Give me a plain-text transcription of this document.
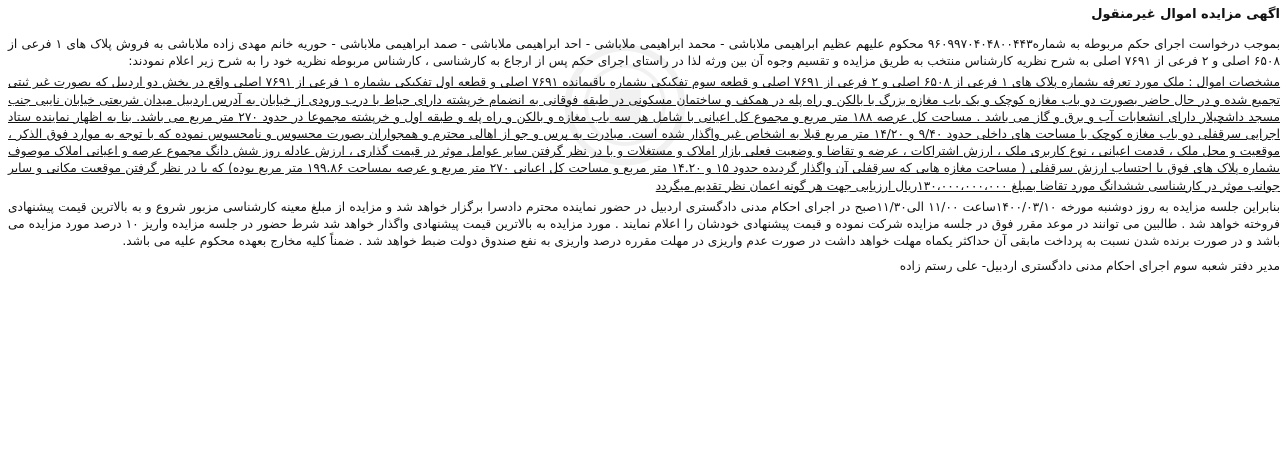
اگهی مزایده اموال غیرمنقول

بموجب درخواست اجرای حکم مربوطه به شماره۹۶۰۹۹۷۰۴۰۴۸۰۰۴۴۳ محکوم علیهم عظیم ابراهیمی ملاباشی - محمد ابراهیمی ملاباشی - احد ابراهیمی ملاباشی - صمد ابراهیمی ملاباشی - حوریه خانم مهدی زاده ملاباشی به فروش پلاک های ۱ فرعی از ۶۵۰۸ اصلی و ۲ فرعی از ۷۶۹۱ اصلی به شرح نظریه کارشناس منتخب به طریق مزایده و تقسیم وجوه آن بین ورثه لذا در راستای اجرای حکم پس از ارجاع به کارشناسی ، کارشناس مربوطه نظریه خود را به شرح زیر اعلام نمودند:

مشخصات اموال : ملک مورد تعرفه بشماره پلاک های ۱ فرعی از ۶۵۰۸ اصلی و ۲ فرعی از ۷۶۹۱ اصلی و قطعه سوم تفکیکی بشماره باقیمانده ۷۶۹۱ اصلی و قطعه اول تفکیکی بشماره ۱ فرعی از ۷۶۹۱ اصلی واقع در بخش دو اردبیل که بصورت غیر ثبتی تجمیع شده و در حال حاضر بصورت دو باب مغازه کوچک و یک باب مغازه بزرگ با بالکن و راه پله در همکف و ساختمان مسکونی در طبقه فوقانی به انضمام خرپشته دارای حیاط با درب ورودی از خیابان به آدرس اردبیل میدان شریعتی خیابان نایبی جنب مسجد داشچیلار دارای انشعابات آب و برق و گاز می باشد . مساحت کل عرصه ۱۸۸ متر مربع و مجموع کل اعیانی با شامل هر سه باب مغازه و بالکن و راه پله و طبقه اول و خرپشته مجموعا در حدود ۲۷۰ متر مربع می باشد. بنا به اظهار نماینده ستاد اجرایی سرقفلی دو باب مغازه کوچک با مساحت های داخلی حدود ۹/۴۰ و ۱۴/۲۰ متر مربع قبلا به اشخاص غیر واگذار شده است. مبادرت به پرس و جو از اهالی محترم و همجواران بصورت محسوس و نامحسوس نموده که با توجه به موارد فوق الذکر ، موقعیت و محل ملک ، قدمت اعیانی ، نوع کاربری ملک ، ارزش اشتراکات ، عرضه و تقاضا و وضعیت فعلی بازار املاک و مستغلات و با در نظر گرفتن سایر عوامل موثر در قیمت گذاری ، ارزش عادله روز شش دانگ مجموع عرصه و اعیانی املاک موصوف بشماره پلاک های فوق با احتساب ارزش سرقفلی ( مساحت مغازه هایی که سرقفلی آن واگذار گردیده حدود ۱۵ و ۱۴.۲۰ متر مربع و مساحت کل اعیانی ۲۷۰ متر مربع و عرصه بمساحت ۱۹۹.۸۶ متر مربع بوده) که با در نظر گرفتن موقعیت مکانی و سایر جوانب موثر در کارشناسی ششدانگ مورد تقاضا بمبلغ ۱۳۰،۰۰۰،۰۰۰،۰۰۰ریال ارزیابی جهت هر گونه اعمان نظر تقدیم میگردد

بنابراین جلسه مزایده به روز دوشنبه مورخه ۱۴۰۰/۰۳/۱۰ساعت ۱۱/۰۰ الی۱۱/۳۰صبح در اجرای احکام مدنی دادگستری اردبیل در حضور نماینده محترم دادسرا برگزار خواهد شد و مزایده از مبلغ معینه کارشناسی مزبور شروع و به بالاترین قیمت پیشنهادی فروخته خواهد شد . طالبین می توانند در موعد مقرر فوق در جلسه مزایده شرکت نموده و قیمت پیشنهادی خودشان را اعلام نمایند . مورد مزایده به بالاترین قیمت پیشنهادی واگذار خواهد شد شرط حضور در جلسه مزایده واریز ۱۰ درصد مورد مزایده می باشد و در صورت برنده شدن نسبت به پرداخت مابقی آن حداکثر یکماه مهلت خواهد داشت در صورت عدم واریزی در مهلت مقرره درصد واریزی به نفع صندوق دولت ضبط خواهد شد . ضمناً کلیه مخارج بعهده محکوم علیه می باشد.

مدیر دفتر شعبه سوم اجرای احکام مدنی دادگستری اردبیل- علی رستم زاده
